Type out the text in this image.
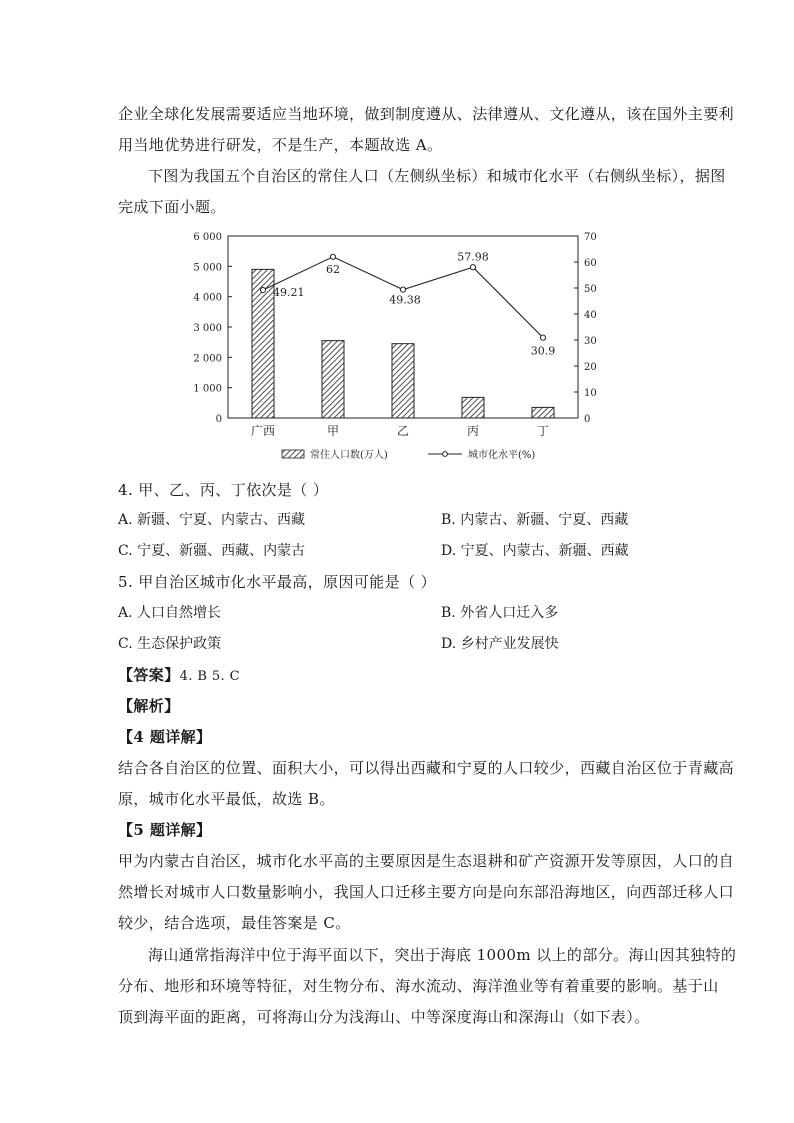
企业全球化发展需要适应当地环境，做到制度遵从、法律遵从、文化遵从，该在国外主要利
用当地优势进行研发，不是生产，本题故选 A。
下图为我国五个自治区的常住人口（左侧纵坐标）和城市化水平（右侧纵坐标），据图
完成下面小题。
6 000
5 000
4 000
3 000
2 000
1 000
0
70
60
50
40
30
20
10
0
广西	甲	乙	丙	丁
49.21
62
49.38
57.98
30.9
常住人口数(万人)	城市化水平(%)
4. 甲、乙、丙、丁依次是（ ）
A. 新疆、宁夏、内蒙古、西藏	B. 内蒙古、新疆、宁夏、西藏
C. 宁夏、新疆、西藏、内蒙古	D. 宁夏、内蒙古、新疆、西藏
5. 甲自治区城市化水平最高，原因可能是（ ）
A. 人口自然增长	B. 外省人口迁入多
C. 生态保护政策	D. 乡村产业发展快
【答案】4. B 5. C
【解析】
【4 题详解】
结合各自治区的位置、面积大小，可以得出西藏和宁夏的人口较少，西藏自治区位于青藏高
原，城市化水平最低，故选 B。
【5 题详解】
甲为内蒙古自治区，城市化水平高的主要原因是生态退耕和矿产资源开发等原因，人口的自
然增长对城市人口数量影响小，我国人口迁移主要方向是向东部沿海地区，向西部迁移人口
较少，结合选项，最佳答案是 C。
海山通常指海洋中位于海平面以下，突出于海底 1000m 以上的部分。海山因其独特的
分布、地形和环境等特征，对生物分布、海水流动、海洋渔业等有着重要的影响。基于山
顶到海平面的距离，可将海山分为浅海山、中等深度海山和深海山（如下表）。
